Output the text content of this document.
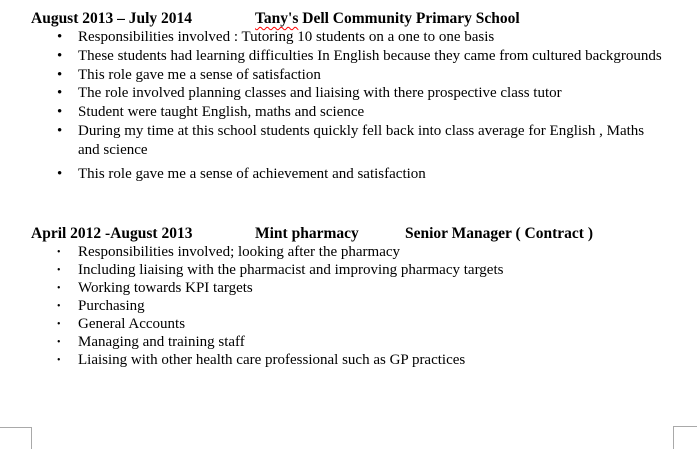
August 2013 – July 2014	Tany's Dell Community Primary School

• Responsibilities involved : Tutoring 10 students on a one to one basis
• These students had learning difficulties In English because they came from cultured backgrounds
• This role gave me a sense of satisfaction
• The role involved planning classes and liaising with there prospective class tutor
• Student were taught English, maths and science
• During my time at this school students quickly fell back into class average for English , Maths and science
• This role gave me a sense of achievement and satisfaction

April 2012 -August 2013	Mint pharmacy	Senior Manager ( Contract )

• Responsibilities involved; looking after the pharmacy
• Including liaising with the pharmacist and improving pharmacy targets
• Working towards KPI targets
• Purchasing
• General Accounts
• Managing and training staff
• Liaising with other health care professional such as GP practices
